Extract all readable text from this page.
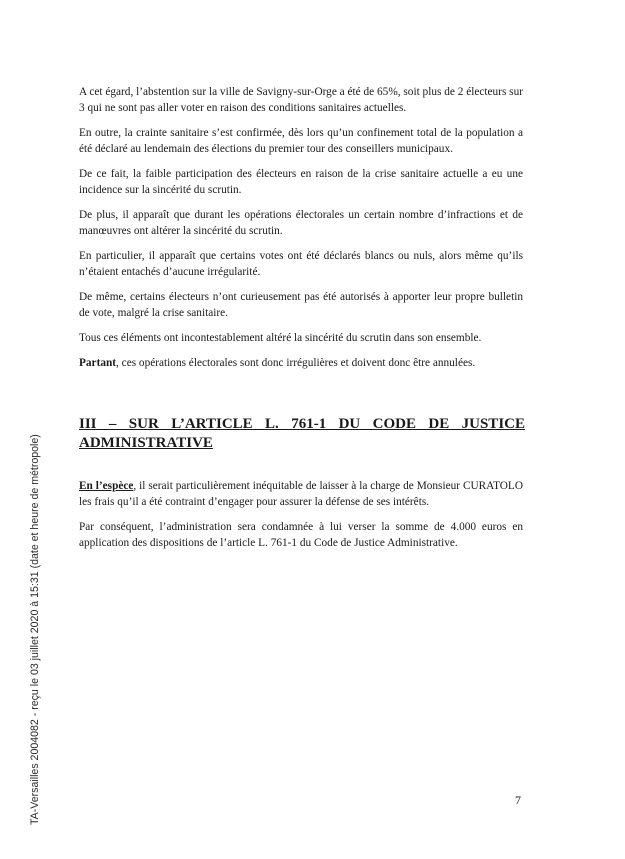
A cet égard, l’abstention sur la ville de Savigny-sur-Orge a été de 65%, soit plus de 2 électeurs sur 3 qui ne sont pas aller voter en raison des conditions sanitaires actuelles.

En outre, la crainte sanitaire s’est confirmée, dès lors qu’un confinement total de la population a été déclaré au lendemain des élections du premier tour des conseillers municipaux.

De ce fait, la faible participation des électeurs en raison de la crise sanitaire actuelle a eu une incidence sur la sincérité du scrutin.

De plus, il apparaît que durant les opérations électorales un certain nombre d’infractions et de manœuvres ont altérer la sincérité du scrutin.

En particulier, il apparaît que certains votes ont été déclarés blancs ou nuls, alors même qu’ils n’étaient entachés d’aucune irrégularité.

De même, certains électeurs n’ont curieusement pas été autorisés à apporter leur propre bulletin de vote, malgré la crise sanitaire.

Tous ces éléments ont incontestablement altéré la sincérité du scrutin dans son ensemble.

Partant, ces opérations électorales sont donc irrégulières et doivent donc être annulées.

III – SUR L’ARTICLE L. 761-1 DU CODE DE JUSTICE
ADMINISTRATIVE

En l’espèce, il serait particulièrement inéquitable de laisser à la charge de Monsieur CURATOLO les frais qu’il a été contraint d’engager pour assurer la défense de ses intérêts.

Par conséquent, l’administration sera condamnée à lui verser la somme de 4.000 euros en application des dispositions de l’article L. 761-1 du Code de Justice Administrative.

TA-Versailles 2004082 - reçu le 03 juillet 2020 à 15:31 (date et heure de métropole)	7
